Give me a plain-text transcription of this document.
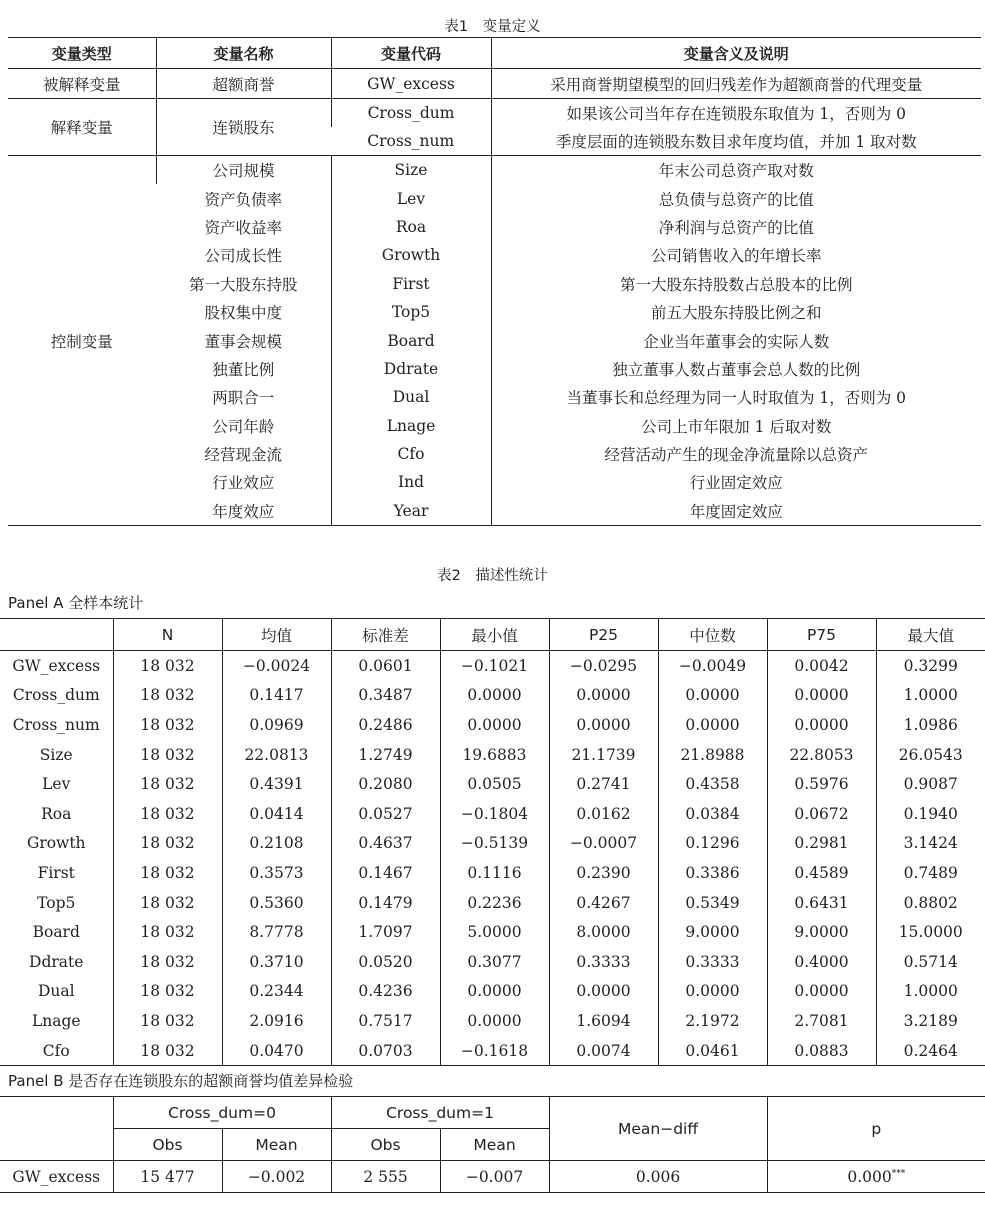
表1　变量定义
变量类型	变量名称	变量代码	变量含义及说明
被解释变量	超额商誉	GW_excess	采用商誉期望模型的回归残差作为超额商誉的代理变量
解释变量	连锁股东	Cross_dum	如果该公司当年存在连锁股东取值为 1，否则为 0
		Cross_num	季度层面的连锁股东数目求年度均值，并加 1 取对数
控制变量	公司规模	Size	年末公司总资产取对数
	资产负债率	Lev	总负债与总资产的比值
	资产收益率	Roa	净利润与总资产的比值
	公司成长性	Growth	公司销售收入的年增长率
	第一大股东持股	First	第一大股东持股数占总股本的比例
	股权集中度	Top5	前五大股东持股比例之和
	董事会规模	Board	企业当年董事会的实际人数
	独董比例	Ddrate	独立董事人数占董事会总人数的比例
	两职合一	Dual	当董事长和总经理为同一人时取值为 1，否则为 0
	公司年龄	Lnage	公司上市年限加 1 后取对数
	经营现金流	Cfo	经营活动产生的现金净流量除以总资产
	行业效应	Ind	行业固定效应
	年度效应	Year	年度固定效应
表2　描述性统计
Panel A 全样本统计
	N	均值	标准差	最小值	P25	中位数	P75	最大值
GW_excess	18 032	−0.0024	0.0601	−0.1021	−0.0295	−0.0049	0.0042	0.3299
Cross_dum	18 032	0.1417	0.3487	0.0000	0.0000	0.0000	0.0000	1.0000
Cross_num	18 032	0.0969	0.2486	0.0000	0.0000	0.0000	0.0000	1.0986
Size	18 032	22.0813	1.2749	19.6883	21.1739	21.8988	22.8053	26.0543
Lev	18 032	0.4391	0.2080	0.0505	0.2741	0.4358	0.5976	0.9087
Roa	18 032	0.0414	0.0527	−0.1804	0.0162	0.0384	0.0672	0.1940
Growth	18 032	0.2108	0.4637	−0.5139	−0.0007	0.1296	0.2981	3.1424
First	18 032	0.3573	0.1467	0.1116	0.2390	0.3386	0.4589	0.7489
Top5	18 032	0.5360	0.1479	0.2236	0.4267	0.5349	0.6431	0.8802
Board	18 032	8.7778	1.7097	5.0000	8.0000	9.0000	9.0000	15.0000
Ddrate	18 032	0.3710	0.0520	0.3077	0.3333	0.3333	0.4000	0.5714
Dual	18 032	0.2344	0.4236	0.0000	0.0000	0.0000	0.0000	1.0000
Lnage	18 032	2.0916	0.7517	0.0000	1.6094	2.1972	2.7081	3.2189
Cfo	18 032	0.0470	0.0703	−0.1618	0.0074	0.0461	0.0883	0.2464
Panel B 是否存在连锁股东的超额商誉均值差异检验
	Cross_dum=0		Cross_dum=1		Mean−diff	p
	Obs	Mean	Obs	Mean		
GW_excess	15 477	−0.002	2 555	−0.007	0.006	0.000***
